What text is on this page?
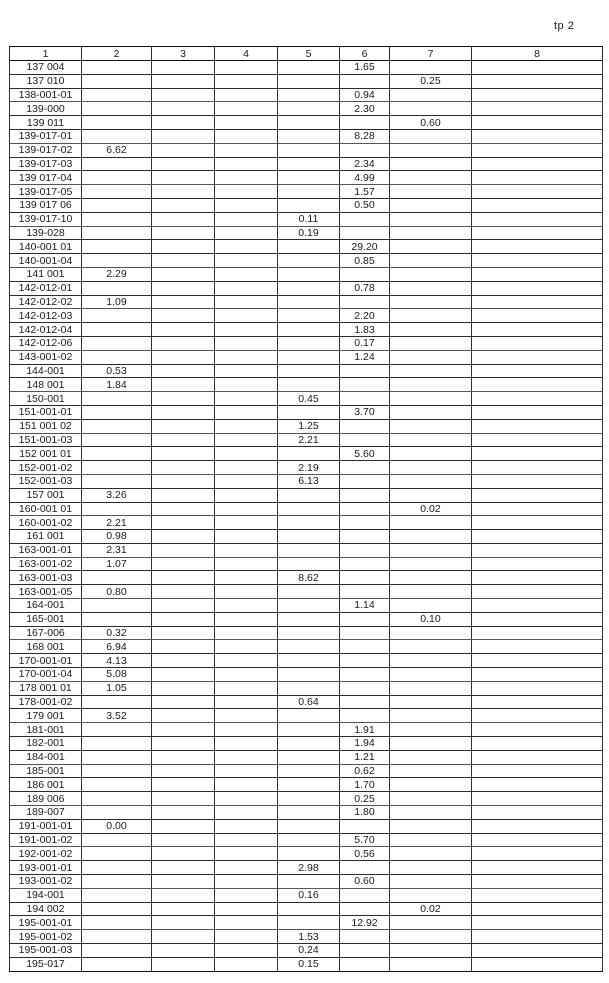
tp 2
1	2	3	4	5	6	7	8
137 004					1.65		
137 010						0.25	
138-001-01					0.94		
139-000					2.30		
139 011						0.60	
139-017-01					8.28		
139-017-02	6.62						
139-017-03					2.34		
139 017-04					4.99		
139-017-05					1.57		
139 017 06					0.50		
139-017-10				0.11			
139-028				0.19			
140-001 01					29.20		
140-001-04					0.85		
141 001	2.29						
142-012-01					0.78		
142-012-02	1.09						
142-012-03					2.20		
142-012-04					1.83		
142-012-06					0.17		
143-001-02					1.24		
144-001	0.53						
148 001	1.84						
150-001				0.45			
151-001-01					3.70		
151 001 02				1.25			
151-001-03				2.21			
152 001 01					5.60		
152-001-02				2.19			
152-001-03				6.13			
157 001	3.26						
160-001 01						0.02	
160-001-02	2.21						
161 001	0.98						
163-001-01	2.31						
163-001-02	1.07						
163-001-03				8.62			
163-001-05	0.80						
164-001					1.14		
165-001						0.10	
167-006	0.32						
168 001	6.94						
170-001-01	4.13						
170-001-04	5.08						
178 001 01	1.05						
178-001-02				0.64			
179 001	3.52						
181-001					1.91		
182-001					1.94		
184-001					1.21		
185-001					0.62		
186 001					1.70		
189 006					0.25		
189-007					1.80		
191-001-01	0.00						
191-001-02					5.70		
192-001-02					0.56		
193-001-01				2.98			
193-001-02					0.60		
194-001				0.16			
194 002						0.02	
195-001-01					12.92		
195-001-02				1.53			
195-001-03				0.24			
195-017				0.15			
